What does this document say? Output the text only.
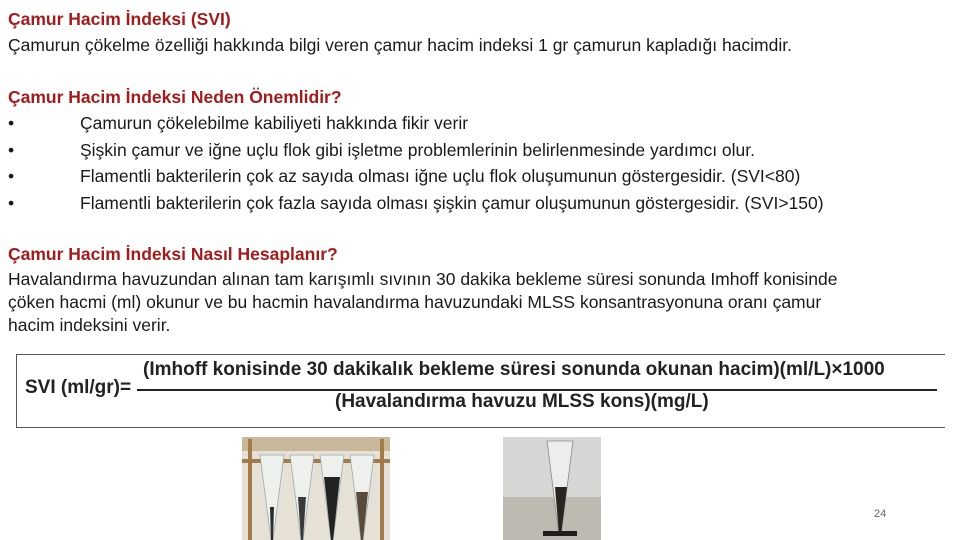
Çamur Hacim İndeksi (SVI)
Çamurun çökelme özelliği hakkında bilgi veren çamur hacim indeksi 1 gr çamurun kapladığı hacimdir.
Çamur Hacim İndeksi Neden Önemlidir?
•	Çamurun çökelebilme kabiliyeti hakkında fikir verir
•	Şişkin çamur ve iğne uçlu flok gibi işletme problemlerinin belirlenmesinde yardımcı olur.
•	Flamentli bakterilerin çok az sayıda olması iğne uçlu flok oluşumunun göstergesidir. (SVI<80)
•	Flamentli bakterilerin çok fazla sayıda olması şişkin çamur oluşumunun göstergesidir. (SVI>150)
Çamur Hacim İndeksi Nasıl Hesaplanır?
Havalandırma havuzundan alınan tam karışımlı sıvının 30 dakika bekleme süresi sonunda Imhoff konisinde
çöken hacmi (ml) okunur ve bu hacmin havalandırma havuzundaki MLSS konsantrasyonuna oranı çamur
hacim indeksini verir.
SVI (ml/gr)=
(Imhoff konisinde 30 dakikalık bekleme süresi sonunda okunan hacim)(ml/L)×1000
(Havalandırma havuzu MLSS kons)(mg/L)
24
